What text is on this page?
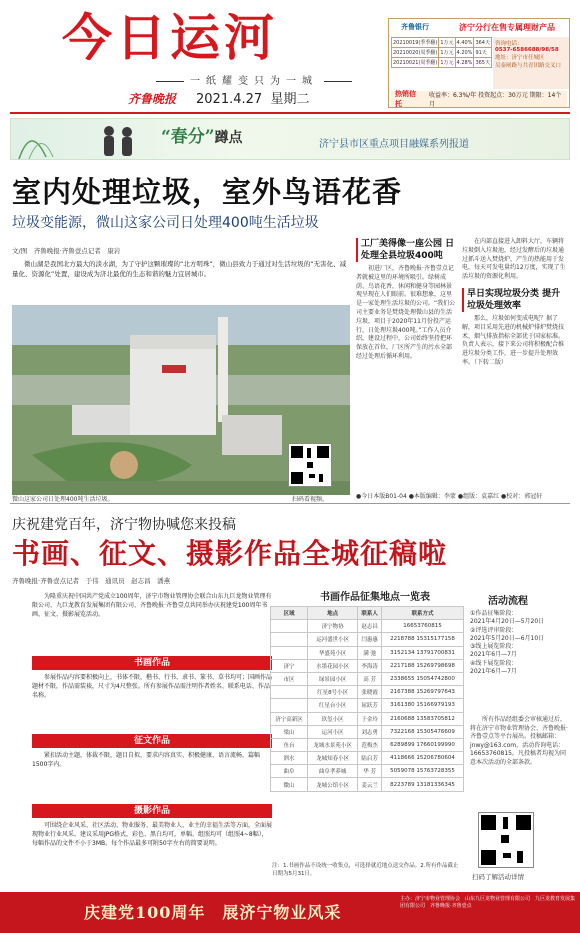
今日运河
一纸耀变只为一城
齐鲁晚报 2021.4.27 星期二
齐鲁银行	济宁分行在售专属理财产品
20210019(季季翻)	1万元	4.40%	364天
20210020(周季翻)	1万元	4.20%	91天
20210021(周季翻)	1万元	4.28%	365天
咨询电话：
0537-6586688/98/58
地址：济宁市任城区
吴泰闸路与共青团路交叉口
热销信托
收益率：6.3%/年 投资起点：30万元 期限：14个月
“春分”蹲点	济宁县市区重点项目融媒系列报道
室内处理垃圾，室外鸟语花香
垃圾变能源，微山这家公司日处理400吨生活垃圾
文/图　齐鲁晚报·齐鲁壹点记者　康岩
微山湖是我国北方最大的淡水湖，为了守护这颗璀璨的“北方明珠”，微山县致力于通过对生活垃圾的“无害化、减量化、资源化”处置，建设成为济北最优的生态和谐的魅力宜居城市。
微山这家公司日处理400吨生活垃圾。	扫码看视频。
工厂美得像一座公园 日处理全县垃圾400吨
初进厂区，齐鲁晚报·齐鲁壹点记者就被这里的环境所吸引。绿树成荫、鸟语花香，休闲和健身等园林景观呈现在人们眼前。很难想象，这里是一家处理生活垃圾的公司。“我们公司主要业务是焚烧处理微山县的生活垃圾，项目于2020年11月份投产运行，日处理垃圾400吨。”工作人员介绍，建设过程中，公司始终坚持把环保放在首位，厂区所产生的污水全部经过处理后循环利用。
在内部直接进入卸料大厅，车辆将垃圾倒入垃圾池，经过发酵后的垃圾通过抓斗送入焚烧炉，产生的热能用于发电，每天可发电量约12万度，实现了生活垃圾的资源化利用。
早日实现垃圾分类 提升垃圾处理效率
那么，垃圾如何变成电呢？据了解，项目采用先进的机械炉排炉焚烧技术，烟气排放指标全部优于国家标准。负责人表示，接下来公司将积极配合推进垃圾分类工作，进一步提升处理效率。（下转二版）
●今日本版B01-04 ●本版编辑：李蒙 ●组版：袁嘉红 ●校对：郭冠轩
庆祝建党百年，济宁物协喊您来投稿
书画、征文、摄影作品全城征稿啦
齐鲁晚报·齐鲁壹点记者　于伟　通讯员　赵志昌　潘燕
为隆重庆祝中国共产党成立100周年，济宁市物业管理协会联合山东九巨龙物业管理有限公司、九巨龙教育发展集团有限公司、齐鲁晚报·齐鲁壹点共同举办庆祝建党100周年书画、征文、摄影展览活动。
书画作品
参展作品内容要积极向上，书体不限，楷书、行书、隶书、篆书、草书均可；国画作品题材不限，作品需装裱，尺寸为4尺整张。所有参展作品需注明作者姓名、联系电话、作品名称。
征文作品
紧扣活动主题，体裁不限，题目自拟，要求内容真实、积极健康、语言流畅，篇幅1500字内。
摄影作品
可围绕企业风采、社区活动、物业服务、最美物业人、业主的幸福生活等方面，全面展现物业行业风采。建议采用JPG格式，彩色、黑白均可，单幅、组照均可（组照4~8幅），每幅作品的文件不小于3MB。每个作品最多可附50字左右的简要说明。
书画作品征集地点一览表
区域	地点	联系人	联系方式
	济宁物协	赵志昌	16653760815
	运河盛世小区	闫惠惠	2218788 15315177158
	华盛苑小区	满 弛	3152134 13791700831
济宁	水墨花园小区	李海涛	2217188 15269798698
市区	绿景园小区	高 芳	2338655 15054742800
	红星8号小区	张晓霞	2167388 15269797643
	红星台小区	屈跃芳	3161380 15166979193
济宁高新区	玖玺小区	于金玲	2160688 13583705812
梁山	运河小区	刘志勇	7322168 15305476609
鱼台	龙城水景苑小区	范梅杰	6289899 17660199990
泗水	龙城知春小区	陆启芳	4118666 15206780604
曲阜	曲阜孝养城	华 芳	5059078 15763728355
微山	龙城公馆小区	姜云兰	8223789 13181336345
注：1.书画作品不设统一收集点，可选择就近地点送交作品。2.所有作品截止日期为5月31日。
活动流程
①作品征集阶段：
2021年4月20日—5月20日
②评选评审阶段：
2021年5月20日—6月10日
③线上展览阶段：
2021年6月—7月
④线下展览阶段：
2021年6月—7月
所有作品经组委会审核通过后，将在济宁市物业管理协会、齐鲁晚报·齐鲁壹点等平台展出。投稿邮箱：jnwy@163.com，活动咨询电话：16653760815。凡投稿者均视为同意本次活动的全部条款。
扫码了解活动详情
庆建党100周年　展济宁物业风采
主办：济宁市物业管理协会　山东九巨龙物业管理有限公司　九巨龙教育发展集团有限公司　齐鲁晚报·齐鲁壹点
